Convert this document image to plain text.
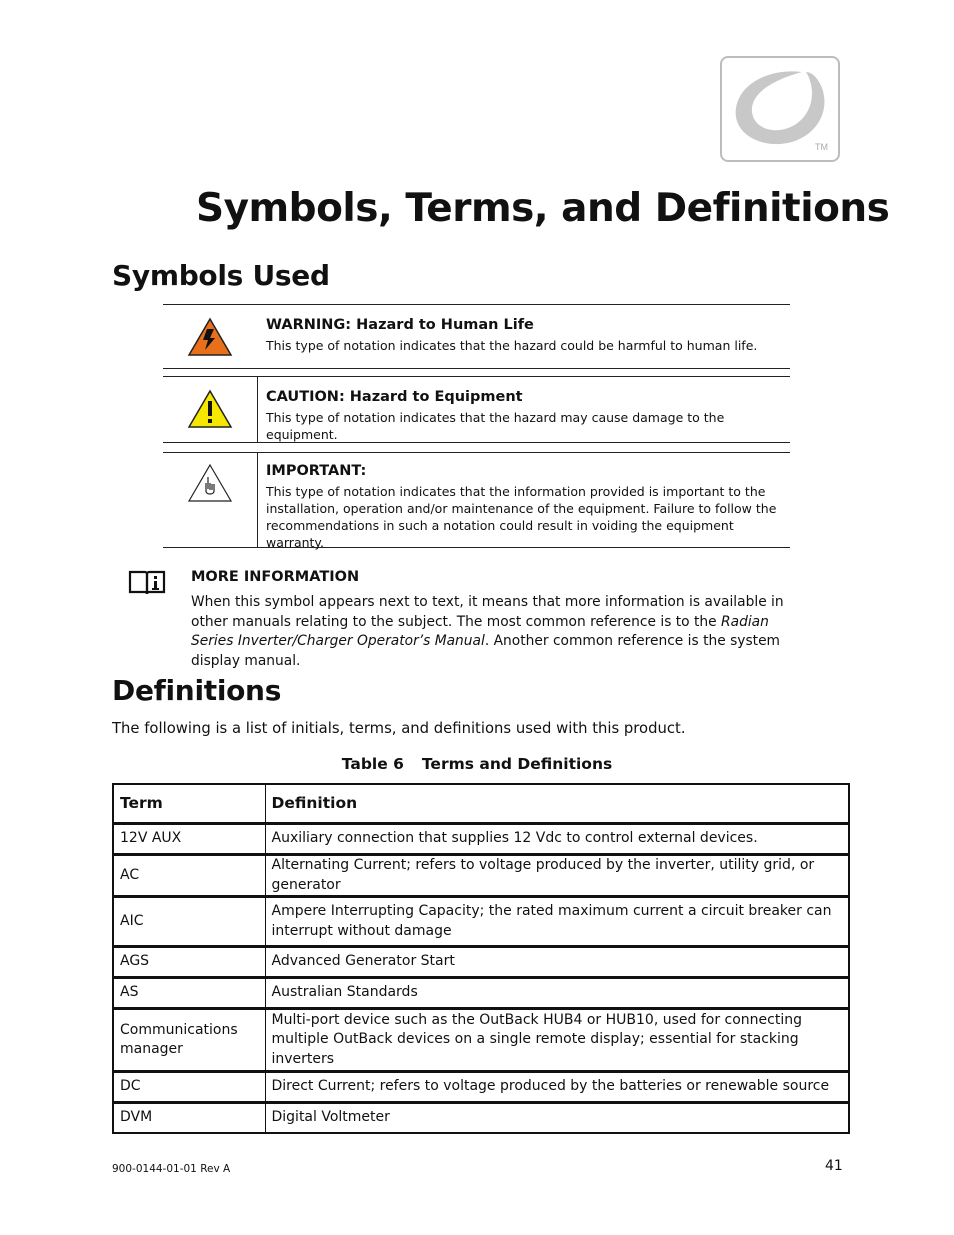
TM
Symbols, Terms, and Definitions
Symbols Used

WARNING: Hazard to Human Life

This type of notation indicates that the hazard could be harmful to human life.

CAUTION: Hazard to Equipment

This type of notation indicates that the hazard may cause damage to the equipment.

IMPORTANT:

This type of notation indicates that the information provided is important to the installation, operation and/or maintenance of the equipment. Failure to follow the recommendations in such a notation could result in voiding the equipment warranty.

MORE INFORMATION
When this symbol appears next to text, it means that more information is available in other manuals relating to the subject. The most common reference is to the Radian Series Inverter/Charger Operator’s Manual. Another common reference is the system display manual.
Definitions
The following is a list of initials, terms, and definitions used with this product.
Table 6 Terms and Definitions
Term	Definition
12V AUX	Auxiliary connection that supplies 12 Vdc to control external devices.
AC	Alternating Current; refers to voltage produced by the inverter, utility grid, or generator
AIC	Ampere Interrupting Capacity; the rated maximum current a circuit breaker can interrupt without damage
AGS	Advanced Generator Start
AS	Australian Standards
Communications manager	Multi-port device such as the OutBack HUB4 or HUB10, used for connecting multiple OutBack devices on a single remote display; essential for stacking inverters
DC	Direct Current; refers to voltage produced by the batteries or renewable source
DVM	Digital Voltmeter
900-0144-01-01 Rev A	41
